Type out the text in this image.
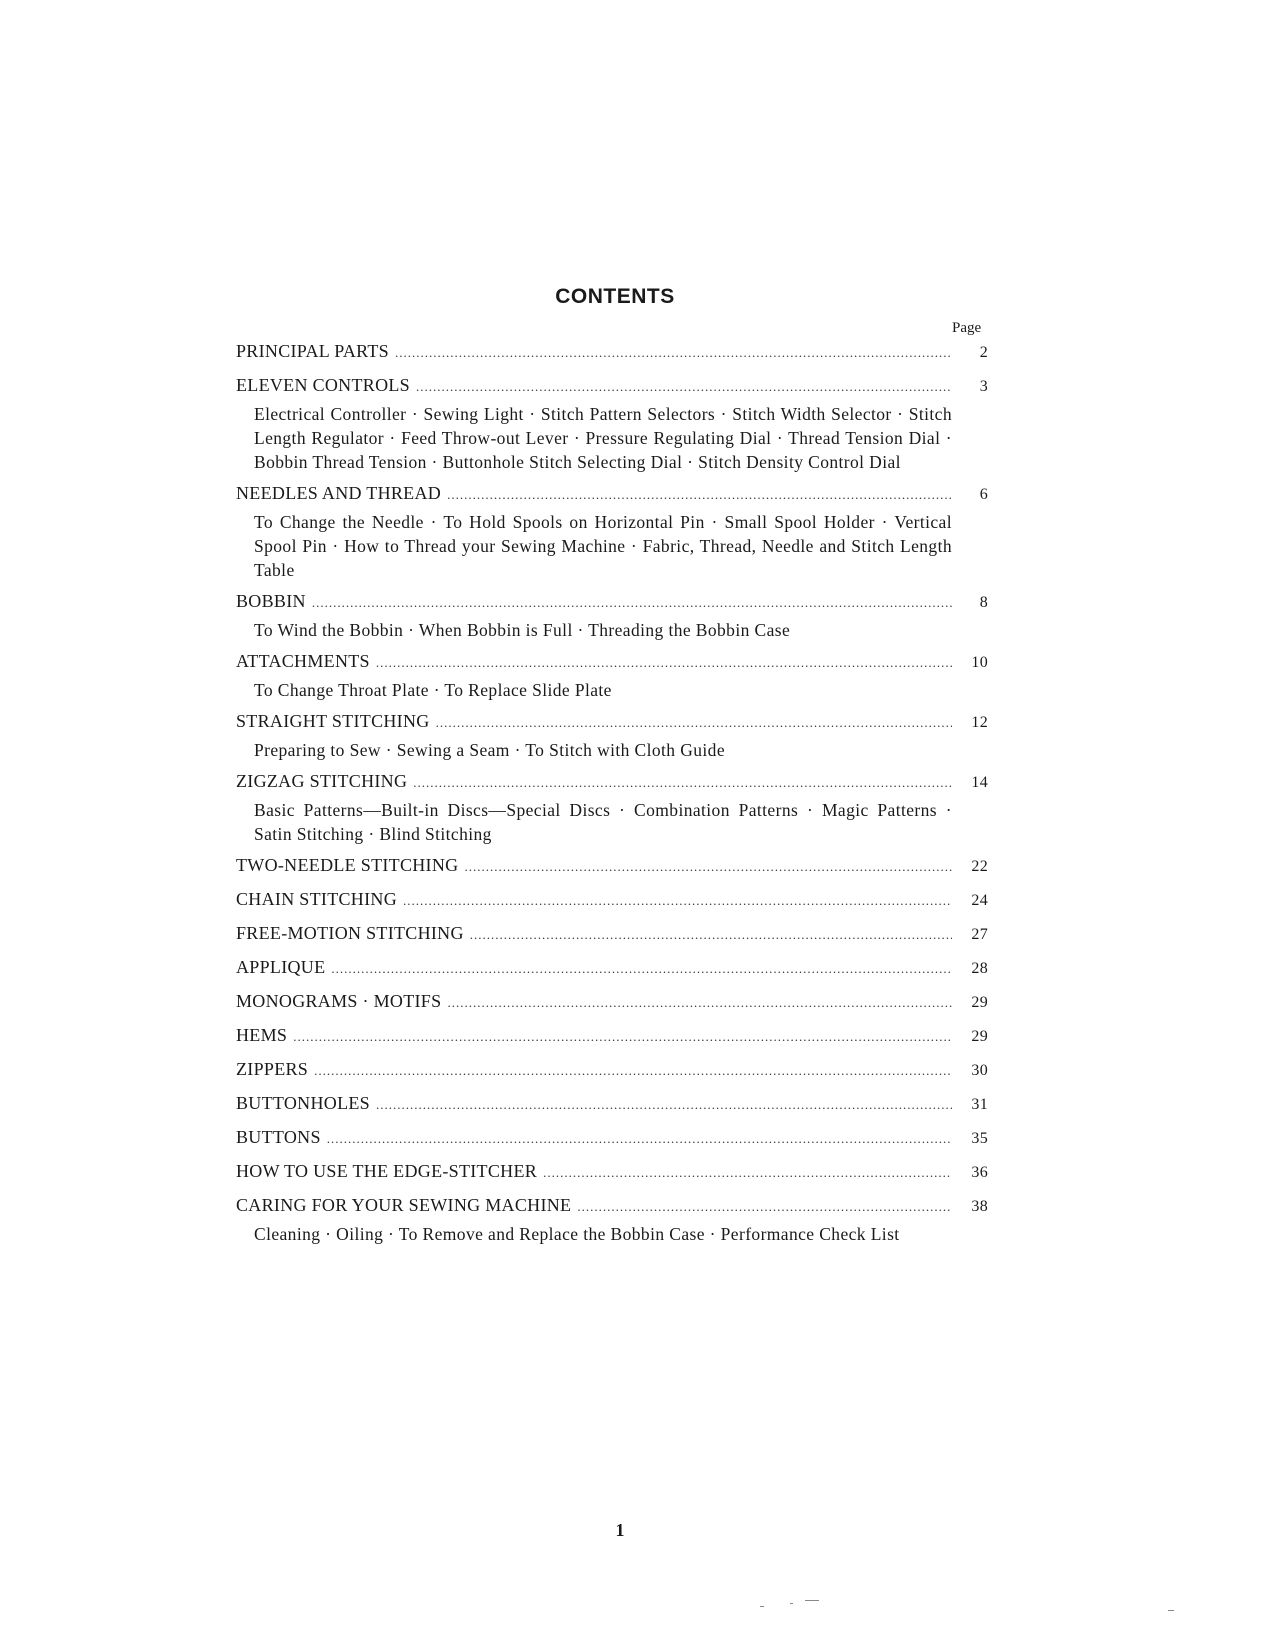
CONTENTS
Page
PRINCIPAL PARTS .....	2
ELEVEN CONTROLS .....	3
Electrical Controller · Sewing Light · Stitch Pattern Selectors · Stitch Width Selector · Stitch Length Regulator · Feed Throw-out Lever · Pressure Regulating Dial · Thread Tension Dial · Bobbin Thread Tension · Buttonhole Stitch Selecting Dial · Stitch Density Control Dial
NEEDLES AND THREAD .....	6
To Change the Needle · To Hold Spools on Horizontal Pin · Small Spool Holder · Vertical Spool Pin · How to Thread your Sewing Machine · Fabric, Thread, Needle and Stitch Length Table
BOBBIN .....	8
To Wind the Bobbin · When Bobbin is Full · Threading the Bobbin Case
ATTACHMENTS .....	10
To Change Throat Plate · To Replace Slide Plate
STRAIGHT STITCHING .....	12
Preparing to Sew · Sewing a Seam · To Stitch with Cloth Guide
ZIGZAG STITCHING .....	14
Basic Patterns—Built-in Discs—Special Discs · Combination Patterns · Magic Patterns · Satin Stitching · Blind Stitching
TWO-NEEDLE STITCHING .....	22
CHAIN STITCHING .....	24
FREE-MOTION STITCHING .....	27
APPLIQUE .....	28
MONOGRAMS · MOTIFS .....	29
HEMS .....	29
ZIPPERS .....	30
BUTTONHOLES .....	31
BUTTONS .....	35
HOW TO USE THE EDGE-STITCHER .....	36
CARING FOR YOUR SEWING MACHINE .....	38
Cleaning · Oiling · To Remove and Replace the Bobbin Case · Performance Check List
1
